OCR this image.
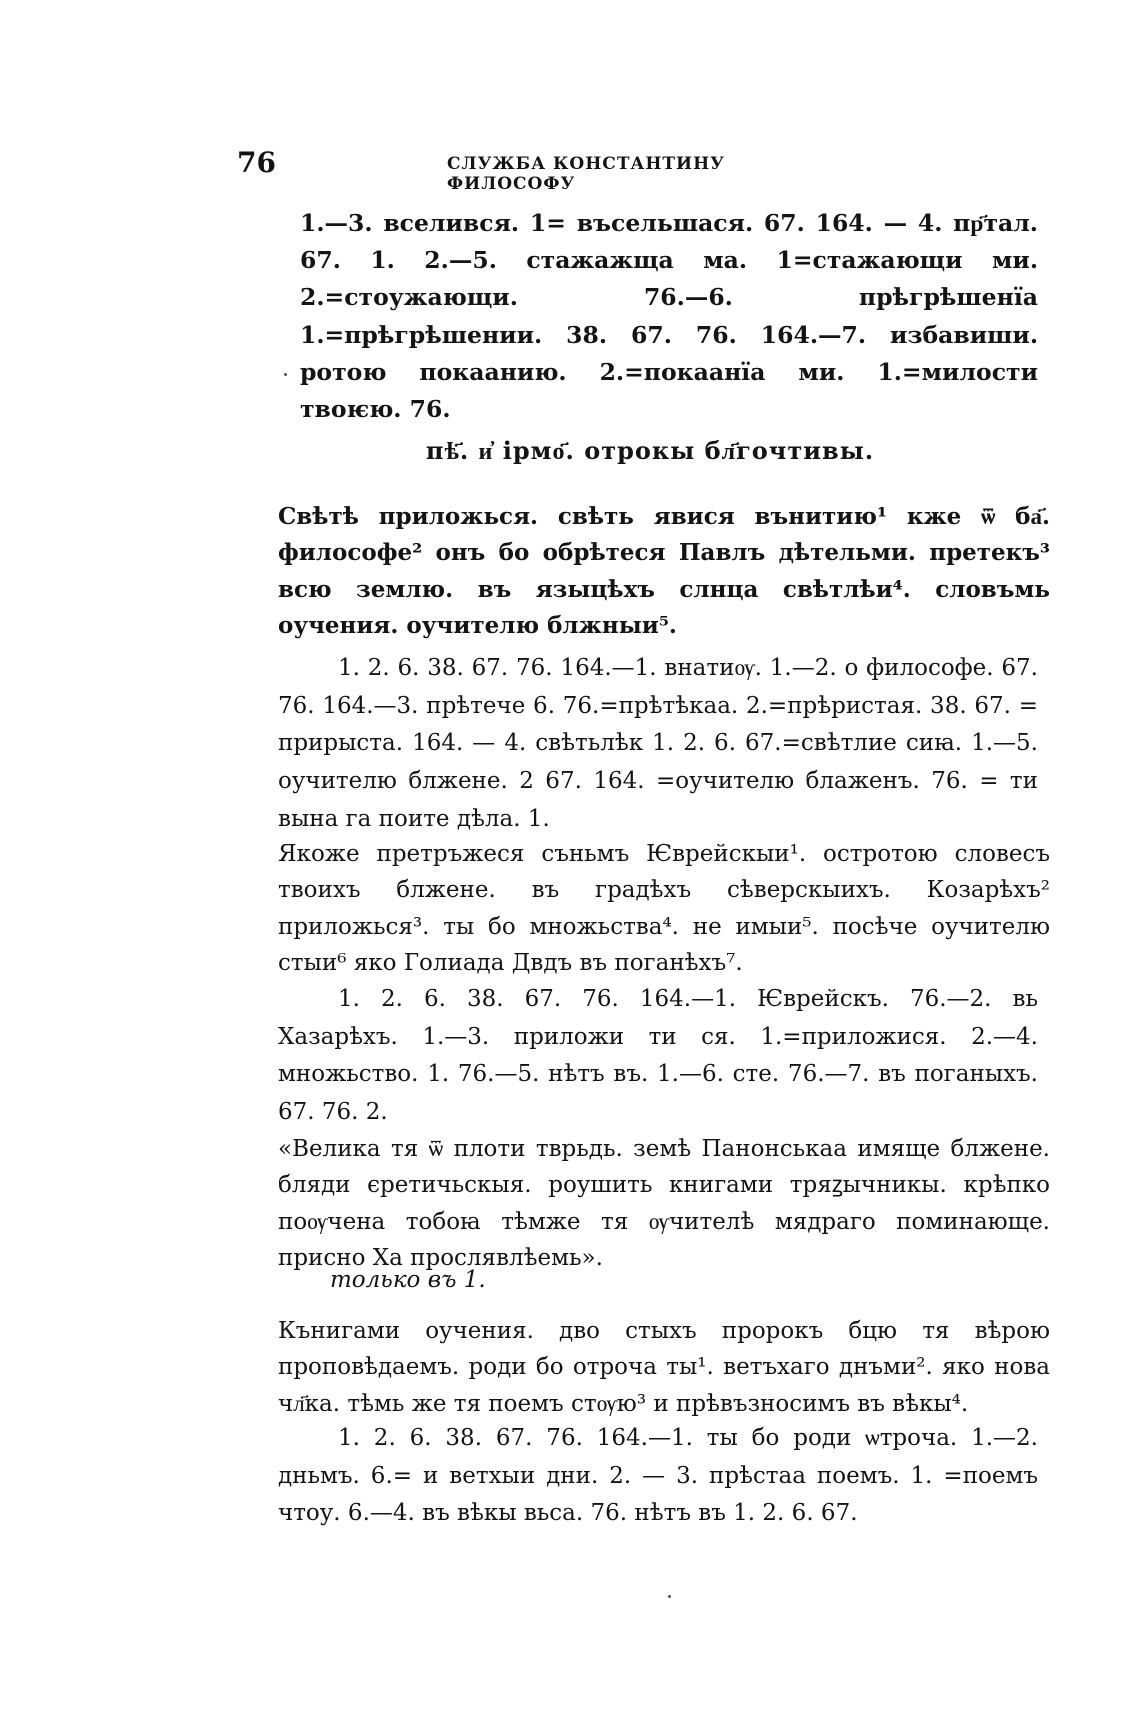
76	СЛУЖБА КОНСТАНТИНУ ФИЛОСОФУ

1.—3. вселився. 1= въсельшася. 67. 164. — 4. пр҃тал. 67. 1. 2.—5. стажажща ма. 1=стажающи ми. 2.=стоужающи. 76.—6. прѣгрѣшенїа 1.=прѣгрѣшении. 38. 67. 76. 164.—7. избавиши. ротою покаанию. 2.=покаанїа ми. 1.=милости твоѥю. 76.

пѣ҃. и҆ ірмо҃. отрокы бл҃гочтивы.

Свѣтѣ приложься. свѣть явися вънитию¹ кже ѿ ба҃. философе² онъ бо обрѣтеся Павлъ дѣтельми. претекъ³ всю землю. въ языцѣхъ слнца свѣтлѣи⁴. словъмь оучения. оучителю блжныи⁵.

1. 2. 6. 38. 67. 76. 164.—1. внатиѹ. 1.—2. о философе. 67. 76. 164.—3. прѣтече 6. 76.=прѣтѣкаа. 2.=прѣристая. 38. 67. = прирыста. 164. — 4. свѣтьлѣк 1. 2. 6. 67.=свѣтлие сиꙗ. 1.—5. оучителю блжене. 2 67. 164. =оучителю блаженъ. 76. = ти вына га поите дѣла. 1.

Якоже претръжеся съньмъ Ѥврейскыи¹. остротою словесъ твоихъ блжене. въ градѣхъ сѣверскыихъ. Козарѣхъ² приложься³. ты бо множьства⁴. не имыи⁵. посѣче оучителю стыи⁶ яко Голиада Двдъ въ поганѣхъ⁷.

1. 2. 6. 38. 67. 76. 164.—1. Ѥврейскъ. 76.—2. вь Хазарѣхъ. 1.—3. приложи ти ся. 1.=приложися. 2.—4. множьство. 1. 76.—5. нѣтъ въ. 1.—6. сте. 76.—7. въ поганыхъ. 67. 76. 2.

«Велика тя ѿ плоти тврьдь. земѣ Панонськаа имяще блжене. бляди єретичьскыя. роушить книгами тряꙁычникы. крѣпко поѹчена тобоꙗ тѣмже тя ѹчителѣ мядраго поминающе. присно Ха прослявлѣемь».

только въ 1.

Кънигами оучения. дво стыхъ пророкъ бцю тя вѣрою проповѣдаемъ. роди бо отроча ты¹. ветъхаго днъми². яко нова чл҃ка. тѣмь же тя поемъ стѹю³ и прѣвъзносимъ въ вѣкы⁴.

1. 2. 6. 38. 67. 76. 164.—1. ты бо роди ѡтроча. 1.—2. дньмъ. 6.= и ветхыи дни. 2. — 3. прѣстаа поемъ. 1. =поемъ чтоу. 6.—4. въ вѣкы вьса. 76. нѣтъ въ 1. 2. 6. 67.
